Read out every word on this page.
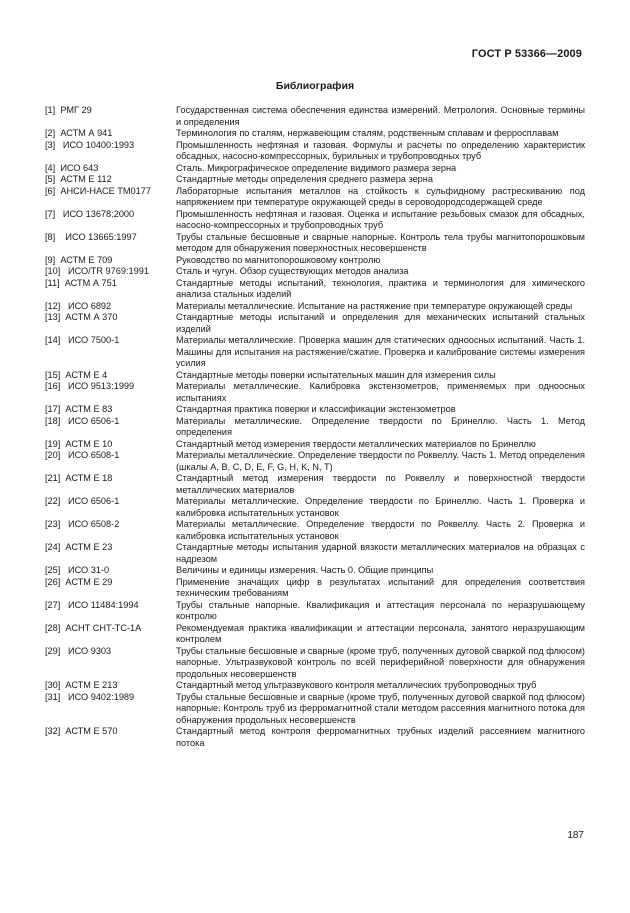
ГОСТ Р 53366—2009
Библиография
[1]  РМГ 29	Государственная система обеспечения единства измерений. Метрология. Основные термины и определения
[2]  АСТМ А 941	Терминология по сталям, нержавеющим сталям, родственным сплавам и ферросплавам
[3]   ИСО 10400:1993	Промышленность нефтяная и газовая. Формулы и расчеты по определению характеристик обсадных, насосно-компрессорных, бурильных и трубопроводных труб
[4]  ИСО 643	Сталь. Микрографическое определение видимого размера зерна
[5]  АСТМ Е 112	Стандартные методы определения среднего размера зерна
[6]  АНСИ-НАСЕ ТМ0177	Лабораторные испытания металлов на стойкость к сульфидному растрескиванию под напряжением при температуре окружающей среды в сероводородсодержащей среде
[7]   ИСО 13678:2000	Промышленность нефтяная и газовая. Оценка и испытание резьбовых смазок для обсадных, насосно-компрессорных и трубопроводных труб
[8]    ИСО 13665:1997	Трубы стальные бесшовные и сварные напорные. Контроль тела трубы магнитопорошковым методом для обнаружения поверхностных несовершенств
[9]  АСТМ Е 709	Руководство по магнитопорошковому контролю
[10]   ИСО/TR 9769:1991	Сталь и чугун. Обзор существующих методов анализа
[11]  АСТМ А 751	Стандартные методы испытаний, технология, практика и терминология для химического анализа стальных изделий
[12]   ИСО 6892	Материалы металлические. Испытание на растяжение при температуре окружающей среды
[13]  АСТМ А 370	Стандартные методы испытаний и определения для механических испытаний стальных изделий
[14]   ИСО 7500-1	Материалы металлические. Проверка машин для статических одноосных испытаний. Часть 1. Машины для испытания на растяжение/сжатие. Проверка и калибрование системы измерения усилия
[15]  АСТМ Е 4	Стандартные методы поверки испытательных машин для измерения силы
[16]   ИСО 9513:1999	Материалы металлические. Калибровка экстензометров, применяемых при одноосных испытаниях
[17]  АСТМ Е 83	Стандартная практика поверки и классификации экстензометров
[18]   ИСО 6506-1	Материалы металлические. Определение твердости по Бринеллю. Часть 1. Метод определения
[19]  АСТМ Е 10	Стандартный метод измерения твердости металлических материалов по Бринеллю
[20]   ИСО 6508-1	Материалы металлические. Определение твердости по Роквеллу. Часть 1. Метод определения (шкалы A, B, C, D, E, F, G, H, K, N, T)
[21]  АСТМ Е 18	Стандартный метод измерения твердости по Роквеллу и поверхностной твердости металлических материалов
[22]   ИСО 6506-1	Материалы металлические. Определение твердости по Бринеллю. Часть 1. Проверка и калибровка испытательных установок
[23]   ИСО 6508-2	Материалы металлические. Определение твердости по Роквеллу. Часть 2. Проверка и калибровка испытательных установок
[24]  АСТМ Е 23	Стандартные методы испытания ударной вязкости металлических материалов на образцах с надрезом
[25]   ИСО 31-0	Величины и единицы измерения. Часть 0. Общие принципы
[26]  АСТМ Е 29	Применение значащих цифр в результатах испытаний для определения соответствия техническим требованиям
[27]   ИСО 11484:1994	Трубы стальные напорные. Квалификация и аттестация персонала по неразрушающему контролю
[28]  АСНТ СНТ-ТС-1А	Рекомендуемая практика квалификации и аттестации персонала, занятого неразрушающим контролем
[29]   ИСО 9303	Трубы стальные бесшовные и сварные (кроме труб, полученных дуговой сваркой под флюсом) напорные. Ультразвуковой контроль по всей периферийной поверхности для обнаружения продольных несовершенств
[30]  АСТМ Е 213	Стандартный метод ультразвукового контроля металлических трубопроводных труб
[31]   ИСО 9402:1989	Трубы стальные бесшовные и сварные (кроме труб, полученных дуговой сваркой под флюсом) напорные. Контроль труб из ферромагнитной стали методом рассеяния магнитного потока для обнаружения продольных несовершенств
[32]  АСТМ Е 570	Стандартный метод контроля ферромагнитных трубных изделий рассеянием магнитного потока
187
